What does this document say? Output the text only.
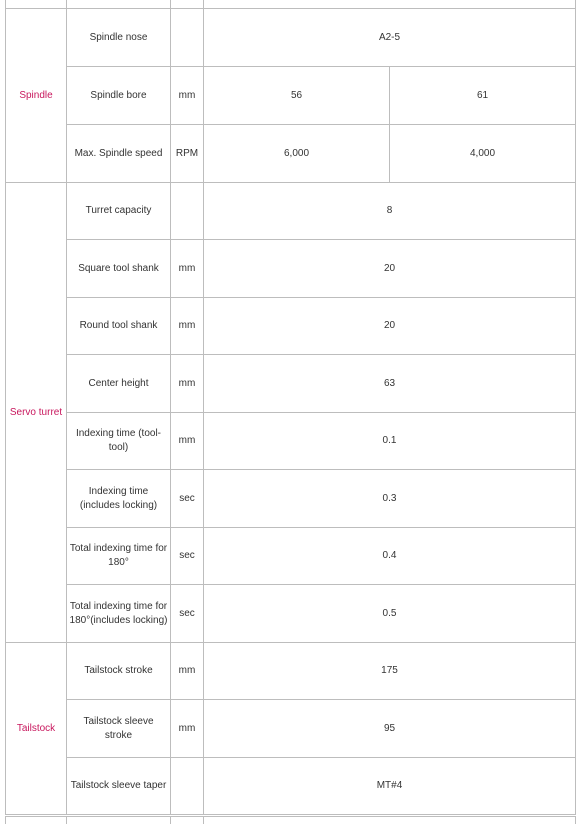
Spindle	Spindle nose		A2-5	
	Spindle bore	mm	56	61
	Max. Spindle speed	RPM	6,000	4,000
Servo turret	Turret capacity		8	
	Square tool shank	mm	20	
	Round tool shank	mm	20	
	Center height	mm	63	
	Indexing time (tool-tool)	mm	0.1	
	Indexing time (includes locking)	sec	0.3	
	Total indexing time for 180°	sec	0.4	
	Total indexing time for 180°(includes locking)	sec	0.5	
Tailstock	Tailstock stroke	mm	175	
	Tailstock sleeve stroke	mm	95	
	Tailstock sleeve taper		MT#4	
